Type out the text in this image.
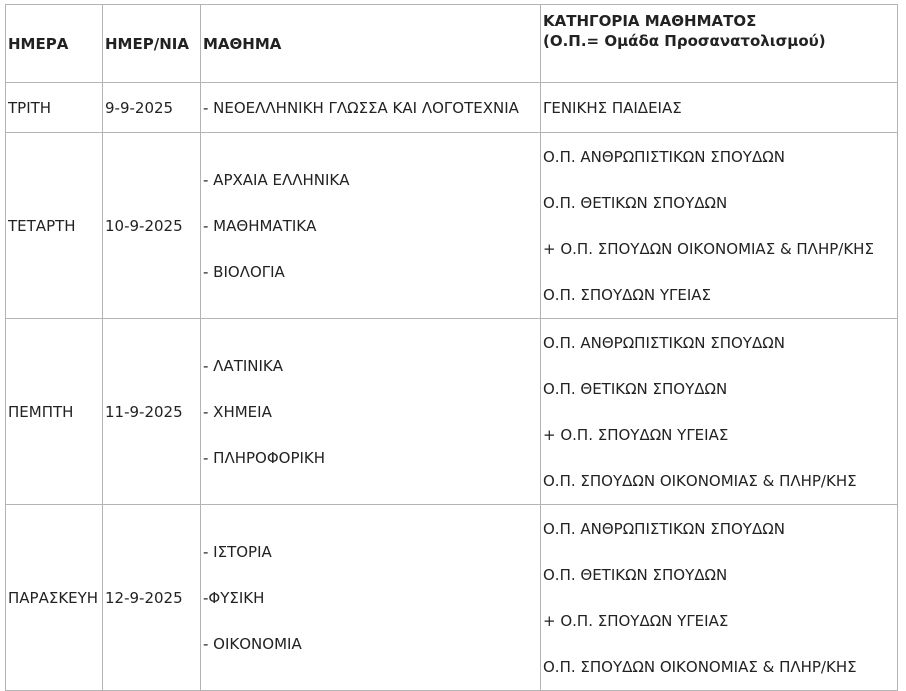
ΗΜΕΡΑ	ΗΜΕΡ/ΝΙΑ	ΜΑΘΗΜΑ	ΚΑΤΗΓΟΡΙΑ ΜΑΘΗΜΑΤΟΣ
(Ο.Π.= Ομάδα Προσανατολισμού)

ΤΡΙΤΗ	9-9-2025	- ΝΕΟΕΛΛΗΝΙΚΗ ΓΛΩΣΣΑ ΚΑΙ ΛΟΓΟΤΕΧΝΙΑ	ΓΕΝΙΚΗΣ ΠΑΙΔΕΙΑΣ

ΤΕΤΑΡΤΗ	10-9-2025	- ΑΡΧΑΙΑ ΕΛΛΗΝΙΚΑ
- ΜΑΘΗΜΑΤΙΚΑ
- ΒΙΟΛΟΓΙΑ	Ο.Π. ΑΝΘΡΩΠΙΣΤΙΚΩΝ ΣΠΟΥΔΩΝ
Ο.Π. ΘΕΤΙΚΩΝ ΣΠΟΥΔΩΝ
+ Ο.Π. ΣΠΟΥΔΩΝ ΟΙΚΟΝΟΜΙΑΣ & ΠΛΗΡ/ΚΗΣ
Ο.Π. ΣΠΟΥΔΩΝ ΥΓΕΙΑΣ

ΠΕΜΠΤΗ	11-9-2025	- ΛΑΤΙΝΙΚΑ
- ΧΗΜΕΙΑ
- ΠΛΗΡΟΦΟΡΙΚΗ	Ο.Π. ΑΝΘΡΩΠΙΣΤΙΚΩΝ ΣΠΟΥΔΩΝ
Ο.Π. ΘΕΤΙΚΩΝ ΣΠΟΥΔΩΝ
+ Ο.Π. ΣΠΟΥΔΩΝ ΥΓΕΙΑΣ
Ο.Π. ΣΠΟΥΔΩΝ ΟΙΚΟΝΟΜΙΑΣ & ΠΛΗΡ/ΚΗΣ

ΠΑΡΑΣΚΕΥΗ	12-9-2025	- ΙΣΤΟΡΙΑ
-ΦΥΣΙΚΗ
- ΟΙΚΟΝΟΜΙΑ	Ο.Π. ΑΝΘΡΩΠΙΣΤΙΚΩΝ ΣΠΟΥΔΩΝ
Ο.Π. ΘΕΤΙΚΩΝ ΣΠΟΥΔΩΝ
+ Ο.Π. ΣΠΟΥΔΩΝ ΥΓΕΙΑΣ
Ο.Π. ΣΠΟΥΔΩΝ ΟΙΚΟΝΟΜΙΑΣ & ΠΛΗΡ/ΚΗΣ
